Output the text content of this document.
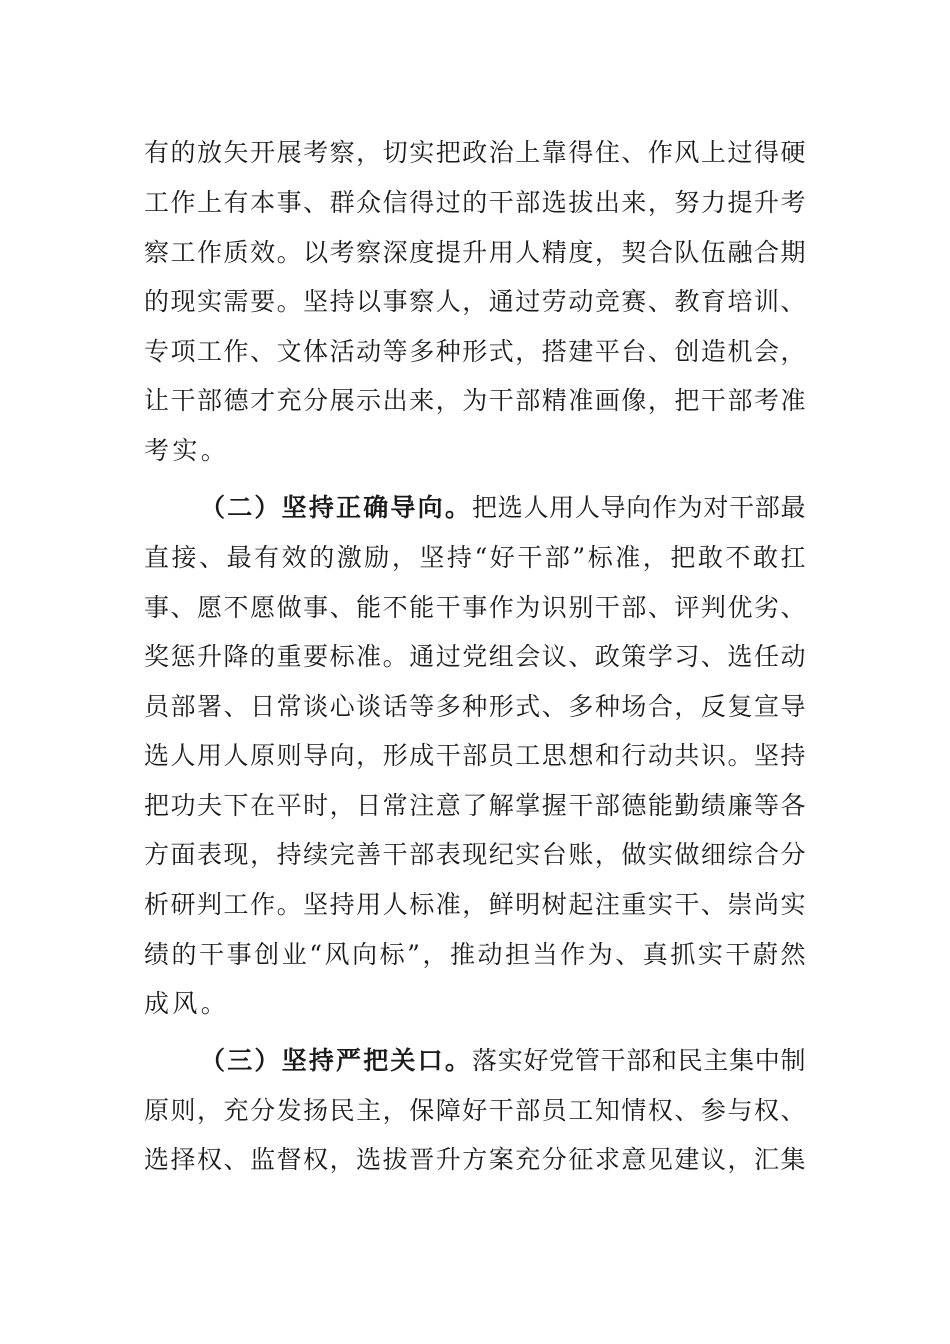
有的放矢开展考察，切实把政治上靠得住、作风上过得硬
工作上有本事、群众信得过的干部选拔出来，努力提升考
察工作质效。以考察深度提升用人精度，契合队伍融合期
的现实需要。坚持以事察人，通过劳动竞赛、教育培训、
专项工作、文体活动等多种形式，搭建平台、创造机会，
让干部德才充分展示出来，为干部精准画像，把干部考准
考实。
（二）坚持正确导向。把选人用人导向作为对干部最
直接、最有效的激励，坚持“好干部”标准，把敢不敢扛
事、愿不愿做事、能不能干事作为识别干部、评判优劣、
奖惩升降的重要标准。通过党组会议、政策学习、选任动
员部署、日常谈心谈话等多种形式、多种场合，反复宣导
选人用人原则导向，形成干部员工思想和行动共识。坚持
把功夫下在平时，日常注意了解掌握干部德能勤绩廉等各
方面表现，持续完善干部表现纪实台账，做实做细综合分
析研判工作。坚持用人标准，鲜明树起注重实干、崇尚实
绩的干事创业“风向标”，推动担当作为、真抓实干蔚然
成风。
（三）坚持严把关口。落实好党管干部和民主集中制
原则，充分发扬民主，保障好干部员工知情权、参与权、
选择权、监督权，选拔晋升方案充分征求意见建议，汇集
